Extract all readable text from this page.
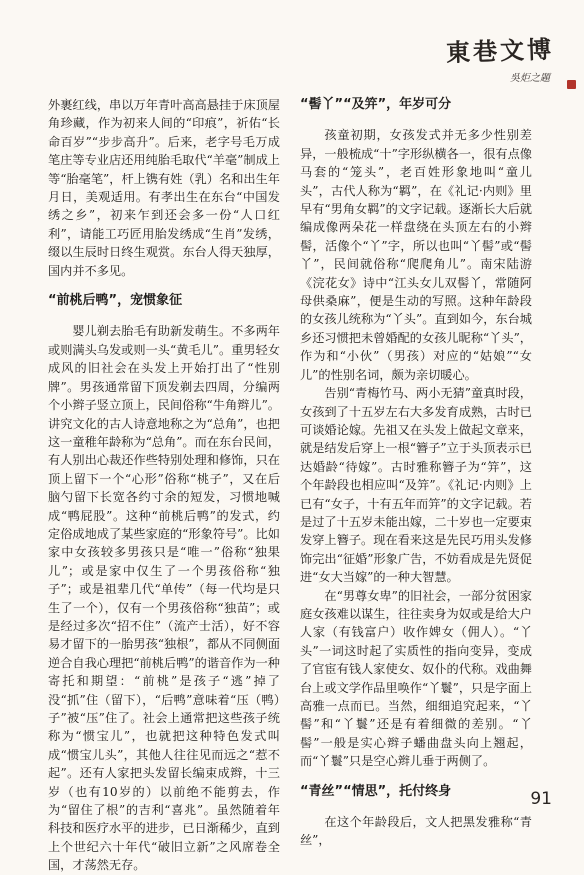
東巷文博
吳炬之題

外裹红线，串以万年青叶高高悬挂于床顶屋角珍藏，作为初来人间的“印痕”，祈佑“长命百岁”“步步高升”。后来，老字号毛万成笔庄等专业店还用纯胎毛取代“羊毫”制成上等“胎毫笔”，杆上镌有姓（乳）名和出生年月日，美观适用。有孝出生在东台“中国发绣之乡”，初来乍到还会多一份“人口红利”，请能工巧匠用胎发绣成“生肖”发绣，缀以生辰时日终生观赏。东台人得天独厚，国内并不多见。

“前桃后鸭”，宠惯象征

婴儿剃去胎毛有助新发萌生。不多两年或则满头乌发或则一头“黄毛儿”。重男轻女成风的旧社会在头发上开始打出了“性别牌”。男孩通常留下顶发剃去四周，分编两个小辫子竖立顶上，民间俗称“牛角辫儿”。讲究文化的古人诗意地称之为“总角”，也把这一童稚年龄称为“总角”。而在东台民间，有人别出心裁还作些特别处理和修饰，只在顶上留下一个“心形”俗称“桃子”，又在后脑勺留下长宽各约寸余的短发，习惯地喊成“鸭屁股”。这种“前桃后鸭”的发式，约定俗成地成了某些家庭的“形象符号”。比如家中女孩较多男孩只是“唯一”俗称“独果儿”；或是家中仅生了一个男孩俗称“独子”；或是祖辈几代“单传”（每一代均是只生了一个），仅有一个男孩俗称“独苗”；或是经过多次“招不住”（流产士活），好不容易才留下的一胎男孩“独根”，都从不同侧面逆合自我心理把“前桃后鸭”的谐音作为一种寄托和期望：“前桃”是孩子“逃”掉了没“抓”住（留下），“后鸭”意味着“压（鸭）子”被“压”住了。社会上通常把这些孩子统称为“惯宝儿”，也就把这种特色发式叫成“惯宝儿头”，其他人往往见而远之“惹不起”。还有人家把头发留长编束成辫，十三岁（也有10岁的）以前绝不能剪去，作为“留住了根”的吉利“喜兆”。虽然随着年科技和医疗水平的进步，已日渐稀少，直到上个世纪六十年代“破旧立新”之风席卷全国，才荡然无存。

“髻丫”“及笄”，年岁可分

孩童初期，女孩发式并无多少性别差异，一般梳成“十”字形纵横各一，很有点像马套的“笼头”，老百姓形象地叫“童儿头”，古代人称为“羁”，在《礼记·内则》里早有“男角女羁”的文字记载。逐渐长大后就编成像两朵花一样盘绕在头顶左右的小辫髻，活像个“丫”字，所以也叫“丫髻”或“髻丫”，民间就俗称“爬爬角儿”。南宋陆游《浣花女》诗中“江头女儿双髻丫，常随阿母供桑麻”，便是生动的写照。这种年龄段的女孩儿统称为“丫头”。直到如今，东台城乡还习惯把未曾婚配的女孩儿昵称“丫头”，作为和“小伙”（男孩）对应的“姑娘”“女儿”的性别名词，颇为亲切暖心。

告别“青梅竹马、两小无猜”童真时段，女孩到了十五岁左右大多发育成熟，古时已可谈婚论嫁。先祖又在头发上做起文章来，就是结发后穿上一根“簪子”立于头顶表示已达婚龄“待嫁”。古时雅称簪子为“笄”，这个年龄段也相应叫“及笄”。《礼记·内则》上已有“女子，十有五年而笄”的文字记载。若是过了十五岁未能出嫁，二十岁也一定要束发穿上簪子。现在看来这是先民巧用头发修饰完出“征婚”形象广告，不妨看成是先贤促进“女大当嫁”的一种大智慧。

在“男尊女卑”的旧社会，一部分贫困家庭女孩难以谋生，往往卖身为奴或是给大户人家（有钱富户）收作婢女（佣人）。“丫头”一词这时起了实质性的指向变异，变成了官宦有钱人家使女、奴仆的代称。戏曲舞台上或文学作品里唤作“丫鬟”，只是字面上高雅一点而已。当然，细细追究起来，“丫髻”和“丫鬟”还是有着细微的差别。“丫髻”一般是实心辫子蟠曲盘头向上翘起，而“丫鬟”只是空心辫儿垂于两侧了。

“青丝”“情思”，托付终身

在这个年龄段后，文人把黑发雅称“青丝”，

91
